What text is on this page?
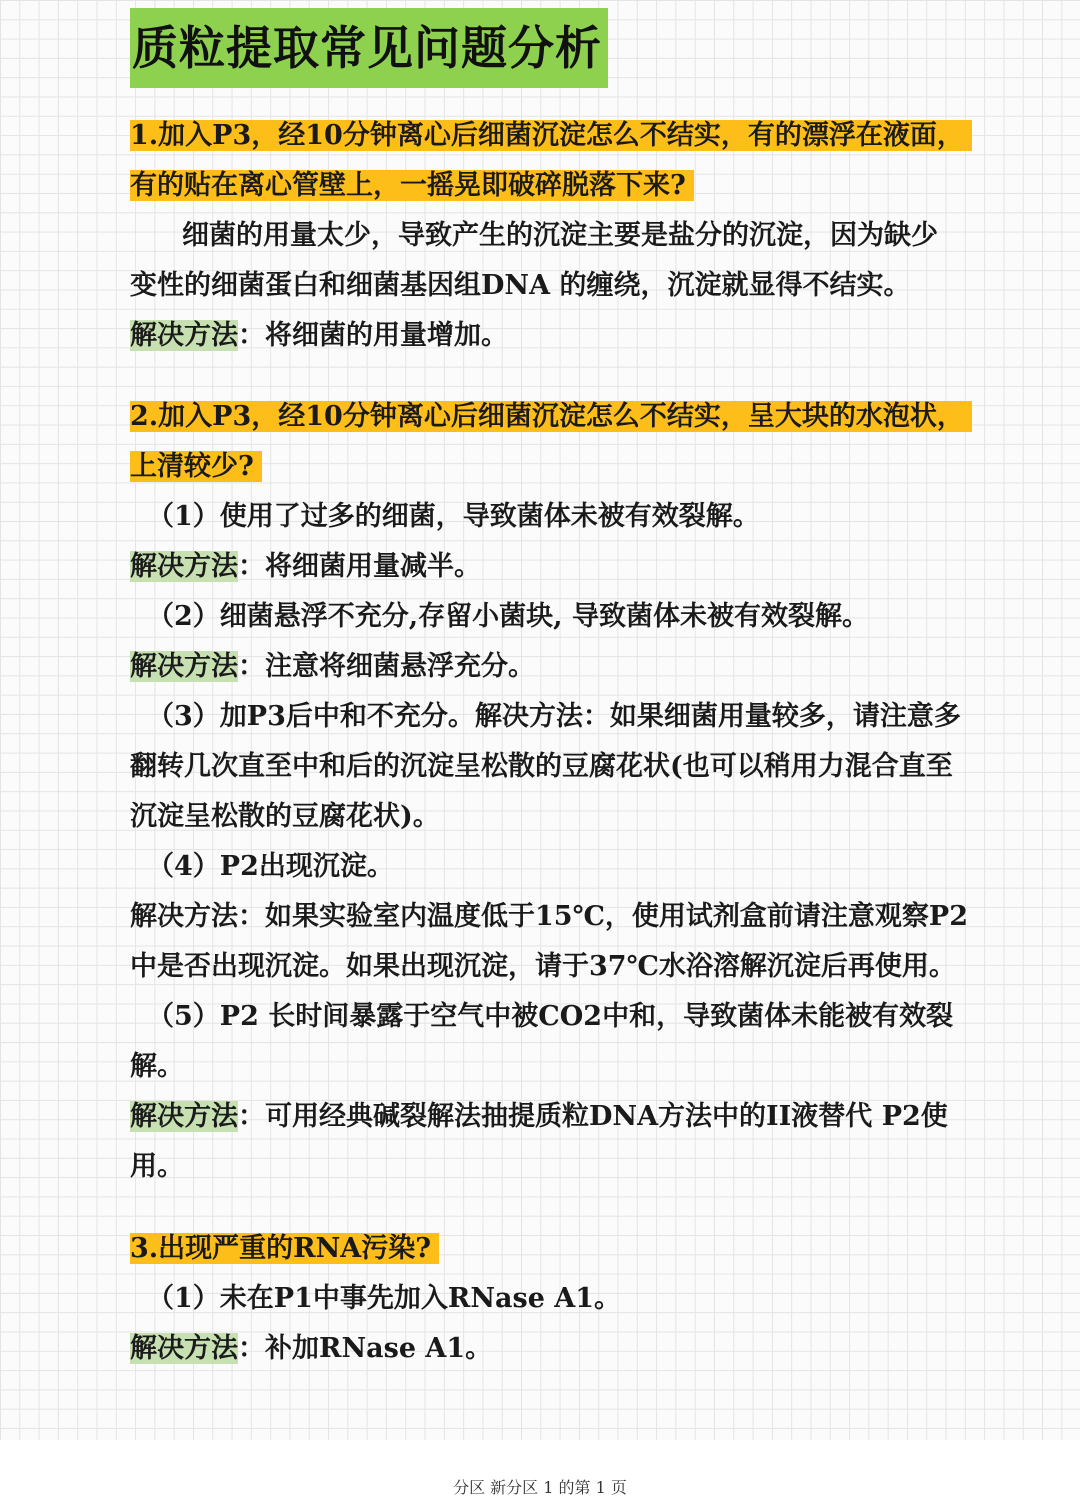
质粒提取常见问题分析
1.加入P3，经10分钟离心后细菌沉淀怎么不结实，有的漂浮在液面，
有的贴在离心管壁上，一摇晃即破碎脱落下来?
细菌的用量太少，导致产生的沉淀主要是盐分的沉淀，因为缺少
变性的细菌蛋白和细菌基因组DNA 的缠绕，沉淀就显得不结实。
解决方法：将细菌的用量增加。
2.加入P3，经10分钟离心后细菌沉淀怎么不结实，呈大块的水泡状，
上清较少?
（1）使用了过多的细菌，导致菌体未被有效裂解。
解决方法：将细菌用量减半。
（2）细菌悬浮不充分,存留小菌块, 导致菌体未被有效裂解。
解决方法：注意将细菌悬浮充分。
（3）加P3后中和不充分。解决方法：如果细菌用量较多，请注意多
翻转几次直至中和后的沉淀呈松散的豆腐花状(也可以稍用力混合直至
沉淀呈松散的豆腐花状)。
（4）P2出现沉淀。
解决方法：如果实验室内温度低于15℃，使用试剂盒前请注意观察P2
中是否出现沉淀。如果出现沉淀，请于37℃水浴溶解沉淀后再使用。
（5）P2 长时间暴露于空气中被CO2中和，导致菌体未能被有效裂
解。
解决方法：可用经典碱裂解法抽提质粒DNA方法中的II液替代 P2使
用。
3.出现严重的RNA污染?
（1）未在P1中事先加入RNase A1。
解决方法：补加RNase A1。
分区 新分区 1 的第 1 页
